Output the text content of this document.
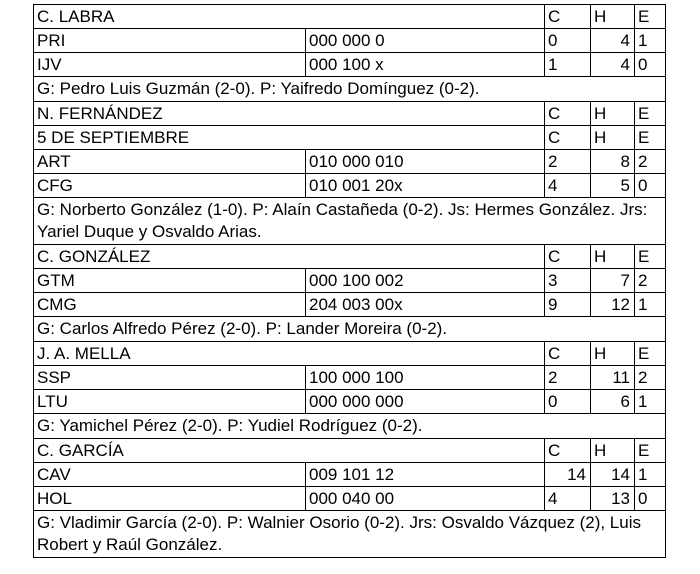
C. LABRA		C	H	E
PRI	000 000 0	0	4	1
IJV	000 100 x	1	4	0
G: Pedro Luis Guzmán (2-0). P: Yaifredo Domínguez (0-2).				
N. FERNÁNDEZ		C	H	E
5 DE SEPTIEMBRE		C	H	E
ART	010 000 010	2	8	2
CFG	010 001 20x	4	5	0
G: Norberto González (1-0). P: Alaín Castañeda (0-2). Js: Hermes González. Jrs: Yariel Duque y Osvaldo Arias.				
C. GONZÁLEZ		C	H	E
GTM	000 100 002	3	7	2
CMG	204 003 00x	9	12	1
G: Carlos Alfredo Pérez (2-0). P: Lander Moreira (0-2).				
J. A. MELLA		C	H	E
SSP	100 000 100	2	11	2
LTU	000 000 000	0	6	1
G: Yamichel Pérez (2-0). P: Yudiel Rodríguez (0-2).				
C. GARCÍA		C	H	E
CAV	009 101 12	14	14	1
HOL	000 040 00	4	13	0
G: Vladimir García (2-0). P: Walnier Osorio (0-2). Jrs: Osvaldo Vázquez (2), Luis Robert y Raúl González.				
